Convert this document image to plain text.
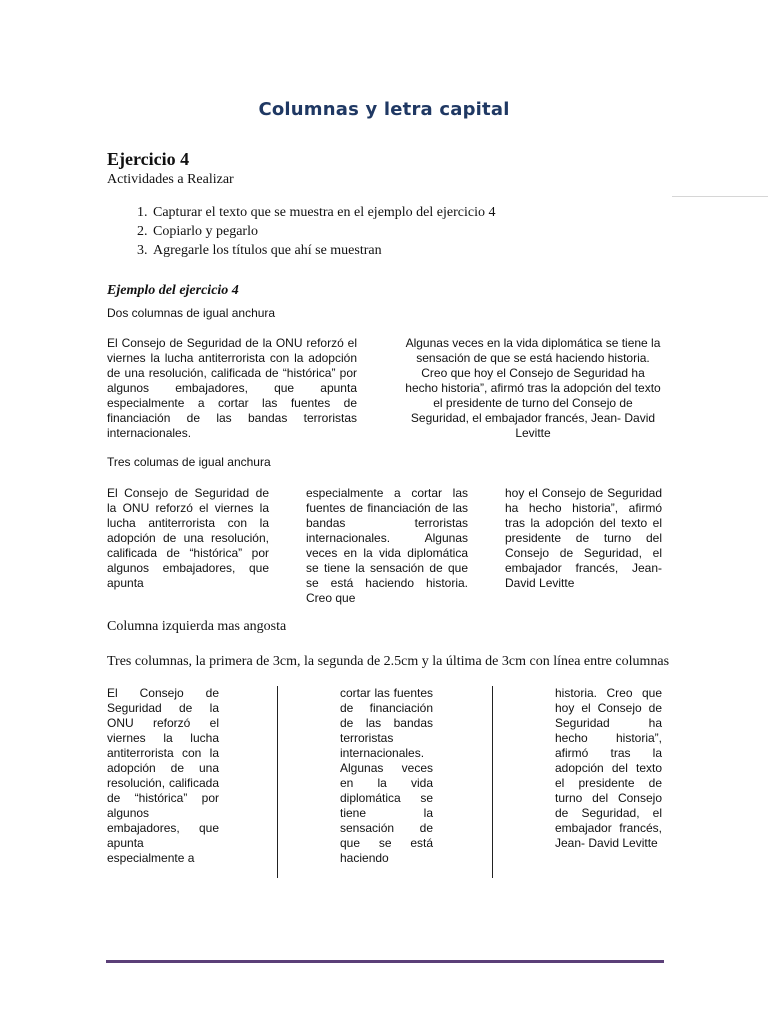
Columnas y letra capital
Ejercicio 4
Actividades a Realizar
1. Capturar el texto que se muestra en el ejemplo del ejercicio 4
2. Copiarlo y pegarlo
3. Agregarle los títulos que ahí se muestran
Ejemplo del ejercicio 4
Dos columnas de igual anchura

El Consejo de Seguridad de la ONU reforzó el viernes la lucha antiterrorista con la adopción de una resolución, calificada de “histórica” por algunos embajadores, que apunta especialmente a cortar las fuentes de financiación de las bandas terroristas internacionales.

Algunas veces en la vida diplomática se tiene la sensación de que se está haciendo historia. Creo que hoy el Consejo de Seguridad ha hecho historia”, afirmó tras la adopción del texto el presidente de turno del Consejo de Seguridad, el embajador francés, Jean- David Levitte

Tres columas de igual anchura

El Consejo de Seguridad de la ONU reforzó el viernes la lucha antiterrorista con la adopción de una resolución, calificada de “histórica” por algunos embajadores, que apunta

especialmente a cortar las fuentes de financiación de las bandas terroristas internacionales. Algunas veces en la vida diplomática se tiene la sensación de que se está haciendo historia. Creo que

hoy el Consejo de Seguridad ha hecho historia”, afirmó tras la adopción del texto el presidente de turno del Consejo de Seguridad, el embajador francés, Jean- David Levitte

Columna izquierda mas angosta
Tres columnas, la primera de 3cm, la segunda de 2.5cm y la última de 3cm con línea entre columnas

El Consejo de Seguridad de la ONU reforzó el viernes la lucha antiterrorista con la adopción de una resolución, calificada de “histórica” por algunos embajadores, que apunta especialmente a

cortar las fuentes de financiación de las bandas terroristas internacionales. Algunas veces en la vida diplomática se tiene la sensación de que se está haciendo

historia. Creo que hoy el Consejo de Seguridad ha hecho historia”, afirmó tras la adopción del texto el presidente de turno del Consejo de Seguridad, el embajador francés, Jean- David Levitte
